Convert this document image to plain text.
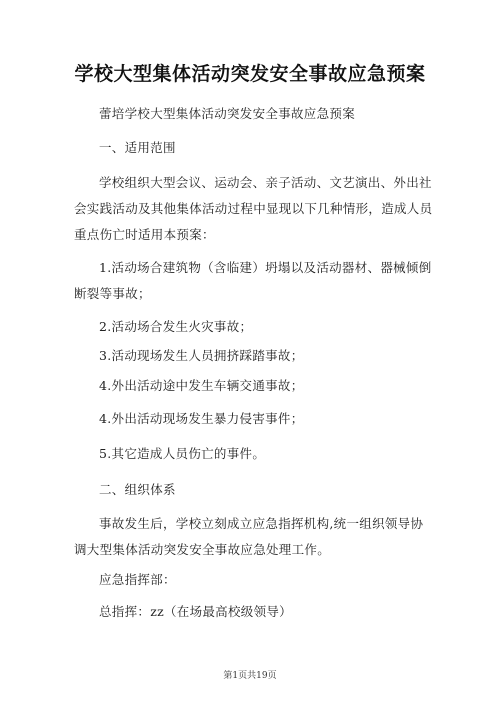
学校大型集体活动突发安全事故应急预案

蕾培学校大型集体活动突发安全事故应急预案

一、适用范围

学校组织大型会议、运动会、亲子活动、文艺演出、外出社会实践活动及其他集体活动过程中显现以下几种情形，造成人员重点伤亡时适用本预案：

1.活动场合建筑物（含临建）坍塌以及活动器材、器械倾倒断裂等事故；

2.活动场合发生火灾事故；

3.活动现场发生人员拥挤踩踏事故；

4.外出活动途中发生车辆交通事故；

4.外出活动现场发生暴力侵害事件；

5.其它造成人员伤亡的事件。

二、组织体系

事故发生后，学校立刻成立应急指挥机构,统一组织领导协调大型集体活动突发安全事故应急处理工作。

应急指挥部：

总指挥：zz（在场最高校级领导）

第1页共19页
